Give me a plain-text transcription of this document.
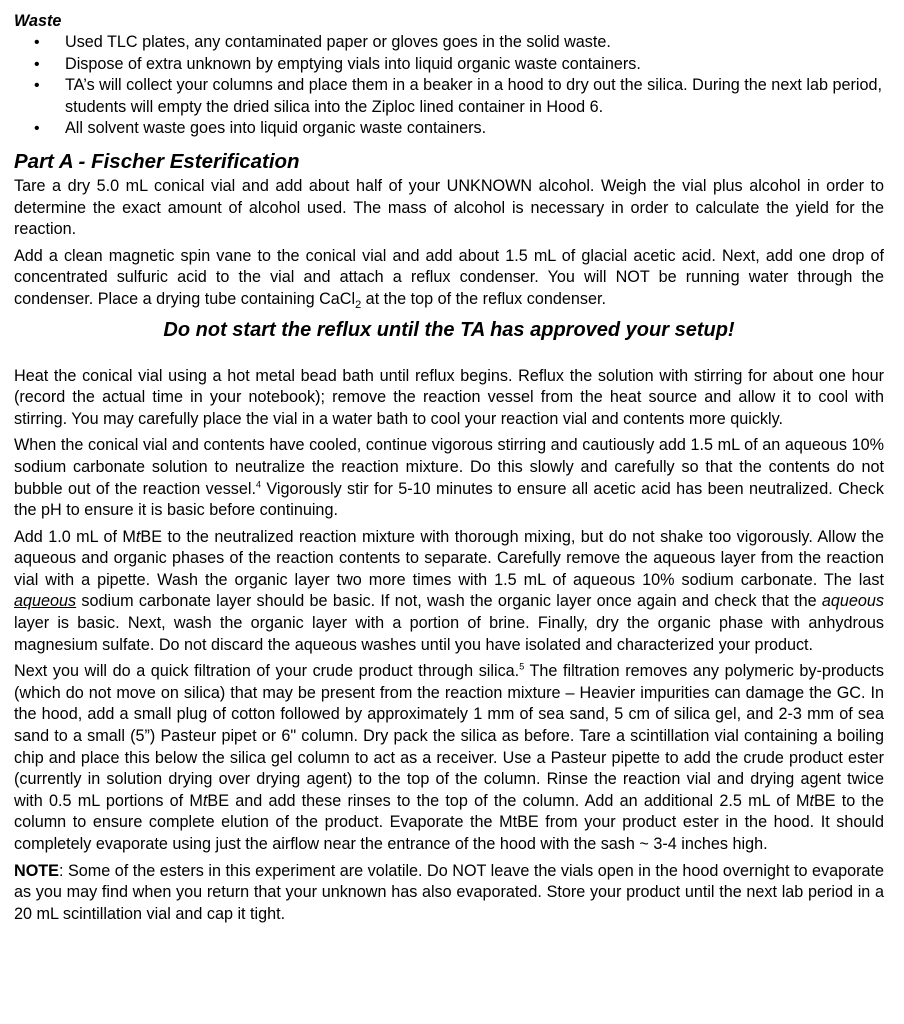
Waste
• Used TLC plates, any contaminated paper or gloves goes in the solid waste.
• Dispose of extra unknown by emptying vials into liquid organic waste containers.
• TA’s will collect your columns and place them in a beaker in a hood to dry out the silica. During the next lab period, students will empty the dried silica into the Ziploc lined container in Hood 6.
• All solvent waste goes into liquid organic waste containers.
Part A - Fischer Esterification

Tare a dry 5.0 mL conical vial and add about half of your UNKNOWN alcohol. Weigh the vial plus alcohol in order to determine the exact amount of alcohol used. The mass of alcohol is necessary in order to calculate the yield for the reaction.

Add a clean magnetic spin vane to the conical vial and add about 1.5 mL of glacial acetic acid. Next, add one drop of concentrated sulfuric acid to the vial and attach a reflux condenser. You will NOT be running water through the condenser. Place a drying tube containing CaCl$_2$ at the top of the reflux condenser.

Do not start the reflux until the TA has approved your setup!

Heat the conical vial using a hot metal bead bath until reflux begins. Reflux the solution with stirring for about one hour (record the actual time in your notebook); remove the reaction vessel from the heat source and allow it to cool with stirring. You may carefully place the vial in a water bath to cool your reaction vial and contents more quickly.

When the conical vial and contents have cooled, continue vigorous stirring and cautiously add 1.5 mL of an aqueous 10% sodium carbonate solution to neutralize the reaction mixture. Do this slowly and carefully so that the contents do not bubble out of the reaction vessel.$^4$ Vigorously stir for 5-10 minutes to ensure all acetic acid has been neutralized. Check the pH to ensure it is basic before continuing.

Add 1.0 mL of MtBE to the neutralized reaction mixture with thorough mixing, but do not shake too vigorously. Allow the aqueous and organic phases of the reaction contents to separate. Carefully remove the aqueous layer from the reaction vial with a pipette. Wash the organic layer two more times with 1.5 mL of aqueous 10% sodium carbonate. The last aqueous sodium carbonate layer should be basic. If not, wash the organic layer once again and check that the aqueous layer is basic. Next, wash the organic layer with a portion of brine. Finally, dry the organic phase with anhydrous magnesium sulfate. Do not discard the aqueous washes until you have isolated and characterized your product.

Next you will do a quick filtration of your crude product through silica.$^5$ The filtration removes any polymeric by-products (which do not move on silica) that may be present from the reaction mixture – Heavier impurities can damage the GC. In the hood, add a small plug of cotton followed by approximately 1 mm of sea sand, 5 cm of silica gel, and 2-3 mm of sea sand to a small (5”) Pasteur pipet or 6" column. Dry pack the silica as before. Tare a scintillation vial containing a boiling chip and place this below the silica gel column to act as a receiver. Use a Pasteur pipette to add the crude product ester (currently in solution drying over drying agent) to the top of the column. Rinse the reaction vial and drying agent twice with 0.5 mL portions of MtBE and add these rinses to the top of the column. Add an additional 2.5 mL of MtBE to the column to ensure complete elution of the product. Evaporate the MtBE from your product ester in the hood. It should completely evaporate using just the airflow near the entrance of the hood with the sash ~ 3-4 inches high.

NOTE: Some of the esters in this experiment are volatile. Do NOT leave the vials open in the hood overnight to evaporate as you may find when you return that your unknown has also evaporated. Store your product until the next lab period in a 20 mL scintillation vial and cap it tight.
